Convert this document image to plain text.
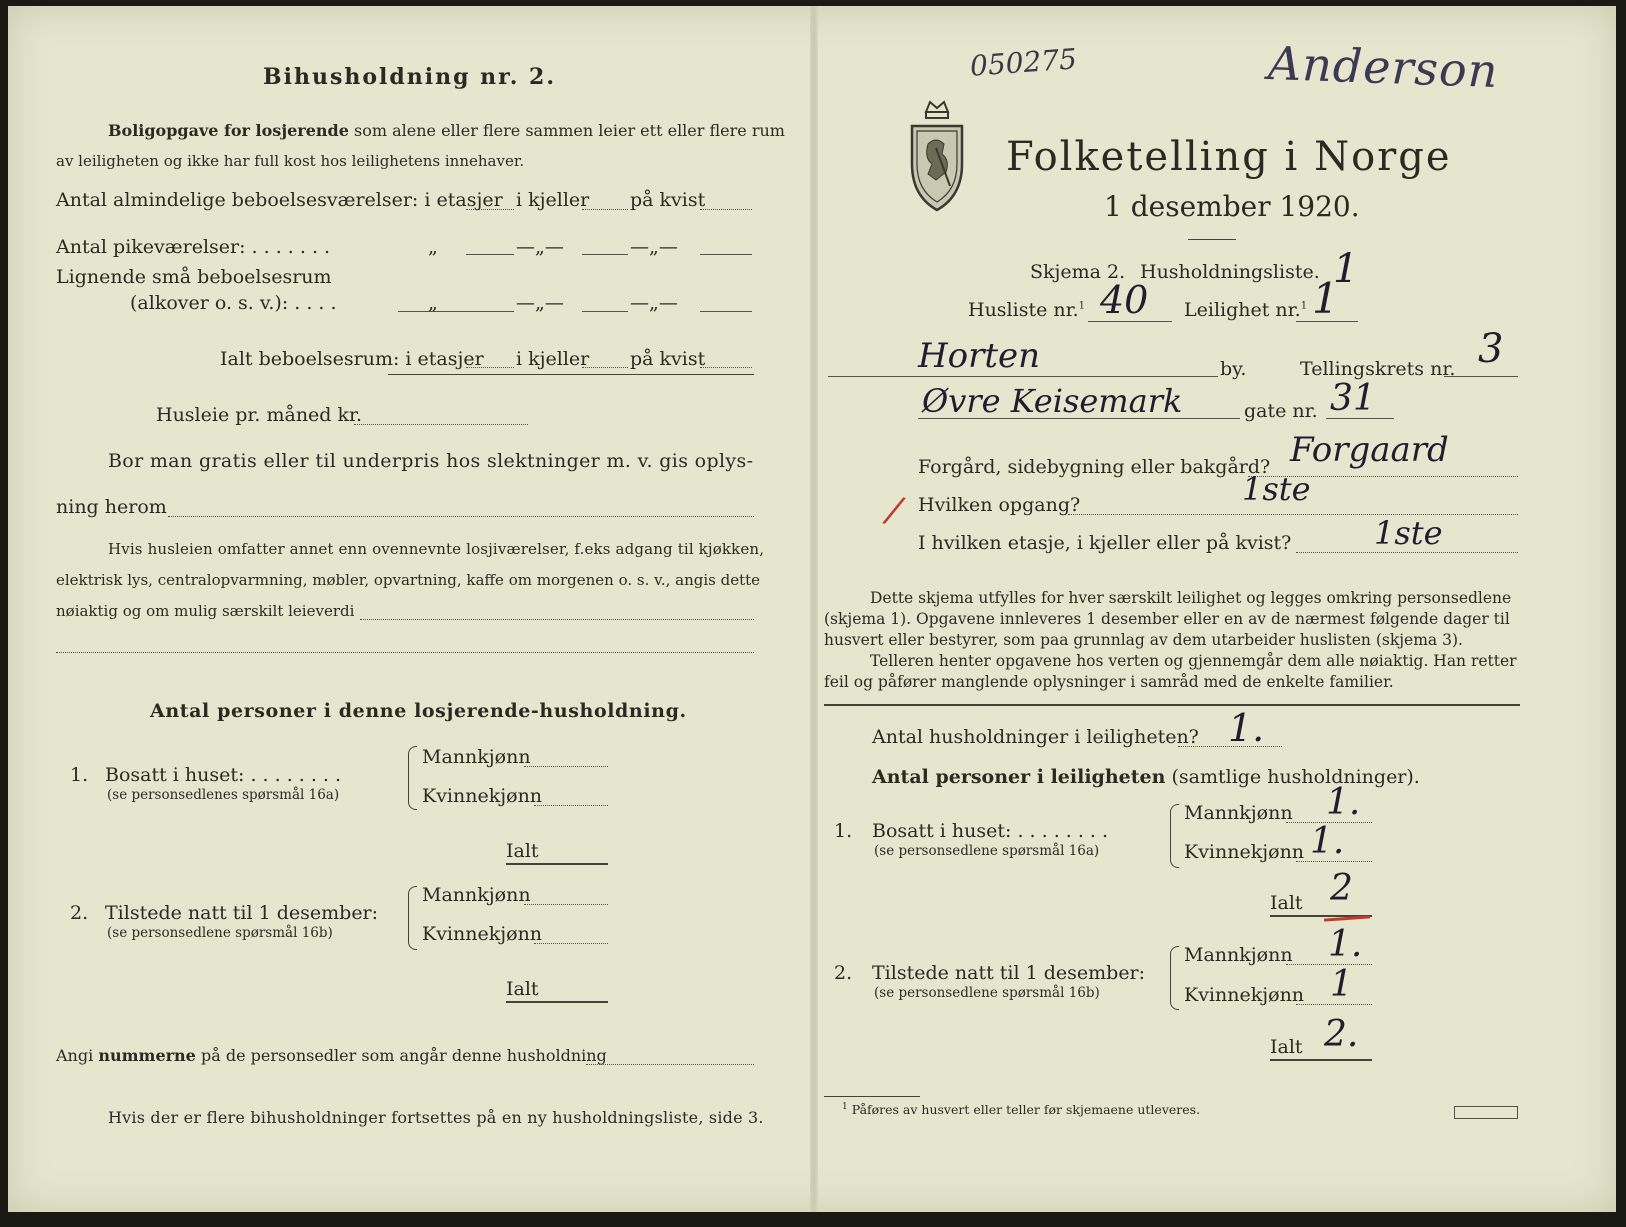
Bihusholdning nr. 2.
Boligopgave for losjerende som alene eller flere sammen leier ett eller flere rum
av leiligheten og ikke har full kost hos leilighetens innehaver.
Antal almindelige beboelsesværelser: i etasjer i kjeller på kvist
Antal pikeværelser: . . . . . . .	„	—„—	—„—
Lignende små beboelsesrum
(alkover o. s. v.): . . . .	„	—„—	—„—
Ialt beboelsesrum: i etasjer i kjeller på kvist
Husleie pr. måned kr.
Bor man gratis eller til underpris hos slektninger m. v. gis oplys-
ning herom
Hvis husleien omfatter annet enn ovennevnte losjiværelser, f.eks adgang til kjøkken,
elektrisk lys, centralopvarmning, møbler, opvartning, kaffe om morgenen o. s. v., angis dette
nøiaktig og om mulig særskilt leieverdi
Antal personer i denne losjerende-husholdning.
1. Bosatt i huset: . . . . . . . .
(se personsedlenes spørsmål 16a)
Mannkjønn
Kvinnekjønn
Ialt
2. Tilstede natt til 1 desember:
(se personsedlene spørsmål 16b)
Mannkjønn
Kvinnekjønn
Ialt
Angi nummerne på de personsedler som angår denne husholdning
Hvis der er flere bihusholdninger fortsettes på en ny husholdningsliste, side 3.
050275	Anderson
Folketelling i Norge
1 desember 1920.
Skjema 2. Husholdningsliste. 1
Husliste nr.$^1$ 40 Leilighet nr.$^1$ 1
Horten	by.	Tellingskrets nr. 3
Øvre Keisemark	gate nr. 31
Forgård, sidebygning eller bakgård? Forgaard
/ Hvilken opgang?	1ste
I hvilken etasje, i kjeller eller på kvist?	1ste
Dette skjema utfylles for hver særskilt leilighet og legges omkring personsedlene
(skjema 1). Opgavene innleveres 1 desember eller en av de nærmest følgende dager til
husvert eller bestyrer, som paa grunnlag av dem utarbeider huslisten (skjema 3).
Telleren henter opgavene hos verten og gjennemgår dem alle nøiaktig. Han retter
feil og påfører manglende oplysninger i samråd med de enkelte familier.
Antal husholdninger i leiligheten? 1.
Antal personer i leiligheten (samtlige husholdninger).
1. Bosatt i huset: . . . . . . . .
(se personsedlene spørsmål 16a)
Mannkjønn 1.
Kvinnekjønn 1.
Ialt 2
2. Tilstede natt til 1 desember:
(se personsedlene spørsmål 16b)
Mannkjønn 1.
Kvinnekjønn 1
Ialt 2.
$^1$ Påføres av husvert eller teller før skjemaene utleveres.
